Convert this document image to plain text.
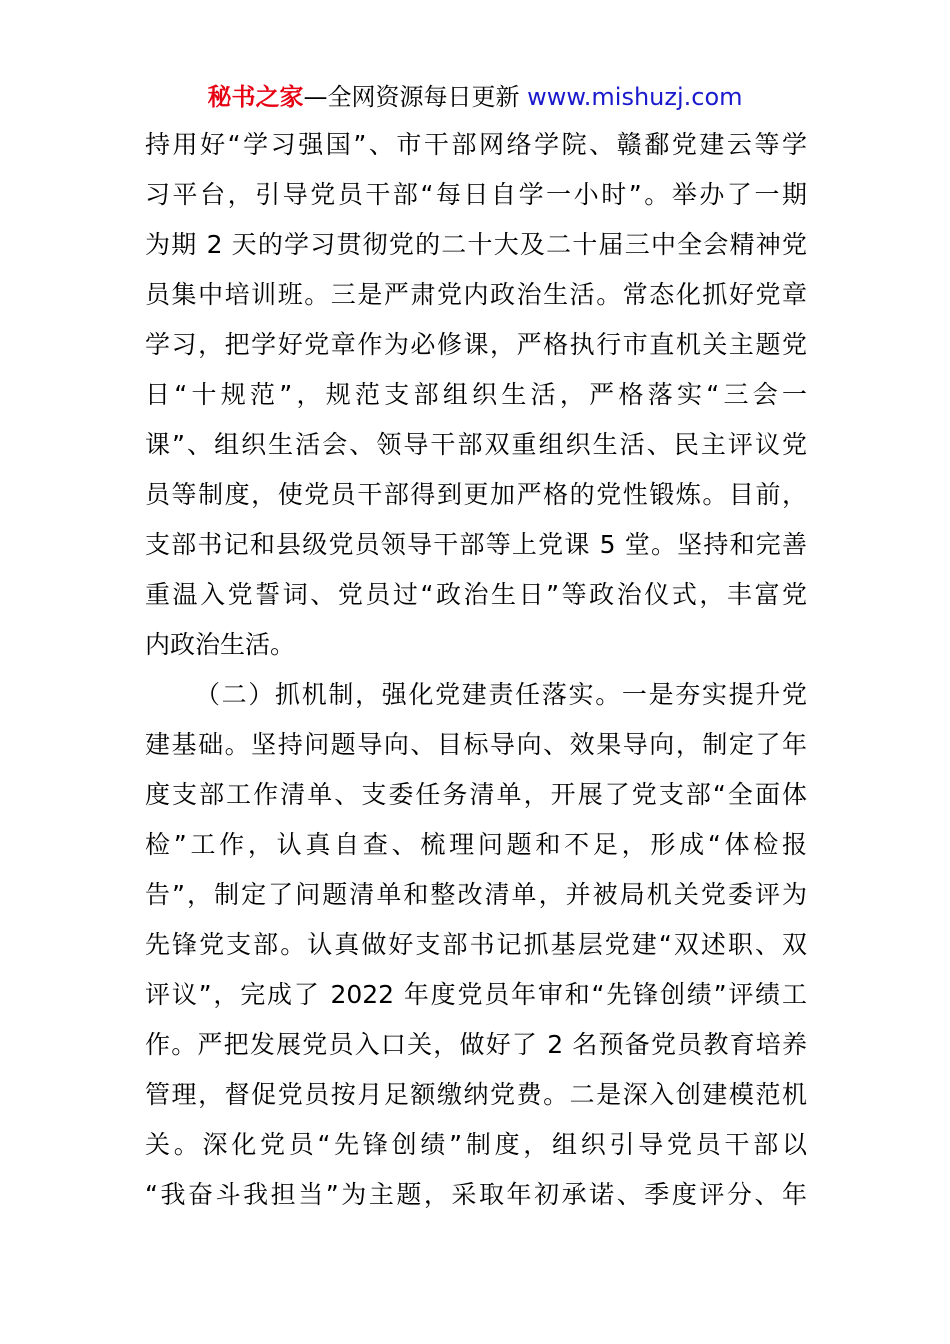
秘书之家—全网资源每日更新 www.mishuzj.com
持用好“学习强国”、市干部网络学院、赣鄱党建云等学
习平台，引导党员干部“每日自学一小时”。举办了一期
为期 2 天的学习贯彻党的二十大及二十届三中全会精神党
员集中培训班。三是严肃党内政治生活。常态化抓好党章
学习，把学好党章作为必修课，严格执行市直机关主题党
日“十规范”，规范支部组织生活，严格落实“三会一
课”、组织生活会、领导干部双重组织生活、民主评议党
员等制度，使党员干部得到更加严格的党性锻炼。目前，
支部书记和县级党员领导干部等上党课 5 堂。坚持和完善
重温入党誓词、党员过“政治生日”等政治仪式，丰富党
内政治生活。
（二）抓机制，强化党建责任落实。一是夯实提升党
建基础。坚持问题导向、目标导向、效果导向，制定了年
度支部工作清单、支委任务清单，开展了党支部“全面体
检”工作，认真自查、梳理问题和不足，形成“体检报
告”，制定了问题清单和整改清单，并被局机关党委评为
先锋党支部。认真做好支部书记抓基层党建“双述职、双
评议”，完成了 2022 年度党员年审和“先锋创绩”评绩工
作。严把发展党员入口关，做好了 2 名预备党员教育培养
管理，督促党员按月足额缴纳党费。二是深入创建模范机
关。深化党员“先锋创绩”制度，组织引导党员干部以
“我奋斗我担当”为主题，采取年初承诺、季度评分、年
